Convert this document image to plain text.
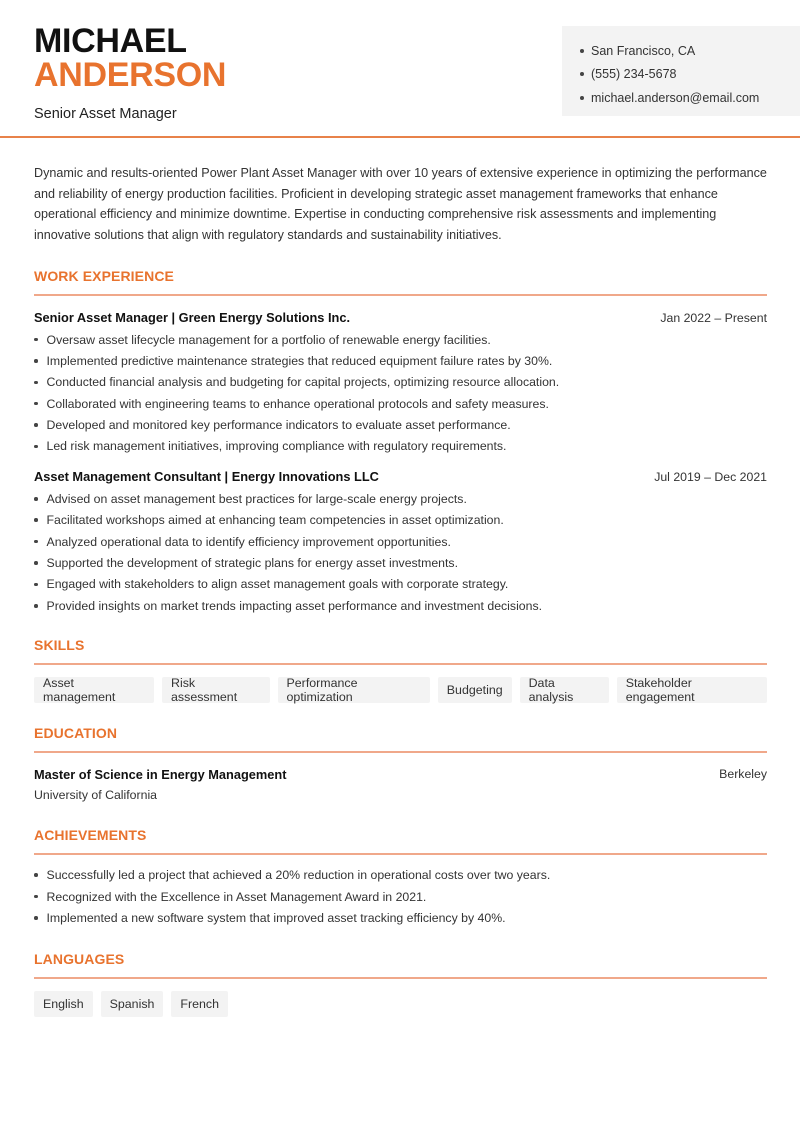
MICHAEL
ANDERSON
Senior Asset Manager
San Francisco, CA
(555) 234-5678
michael.anderson@email.com

Dynamic and results-oriented Power Plant Asset Manager with over 10 years of extensive experience in optimizing the performance and reliability of energy production facilities. Proficient in developing strategic asset management frameworks that enhance operational efficiency and minimize downtime. Expertise in conducting comprehensive risk assessments and implementing innovative solutions that align with regulatory standards and sustainability initiatives.

WORK EXPERIENCE
Senior Asset Manager | Green Energy Solutions Inc.	Jan 2022 – Present
Oversaw asset lifecycle management for a portfolio of renewable energy facilities.
Implemented predictive maintenance strategies that reduced equipment failure rates by 30%.
Conducted financial analysis and budgeting for capital projects, optimizing resource allocation.
Collaborated with engineering teams to enhance operational protocols and safety measures.
Developed and monitored key performance indicators to evaluate asset performance.
Led risk management initiatives, improving compliance with regulatory requirements.
Asset Management Consultant | Energy Innovations LLC	Jul 2019 – Dec 2021
Advised on asset management best practices for large-scale energy projects.
Facilitated workshops aimed at enhancing team competencies in asset optimization.
Analyzed operational data to identify efficiency improvement opportunities.
Supported the development of strategic plans for energy asset investments.
Engaged with stakeholders to align asset management goals with corporate strategy.
Provided insights on market trends impacting asset performance and investment decisions.
SKILLS
Asset management
Risk assessment
Performance optimization	Budgeting	Data analysis
Stakeholder engagement
EDUCATION
Master of Science in Energy Management	Berkeley
University of California
ACHIEVEMENTS
Successfully led a project that achieved a 20% reduction in operational costs over two years.
Recognized with the Excellence in Asset Management Award in 2021.
Implemented a new software system that improved asset tracking efficiency by 40%.
LANGUAGES
English	Spanish	French
